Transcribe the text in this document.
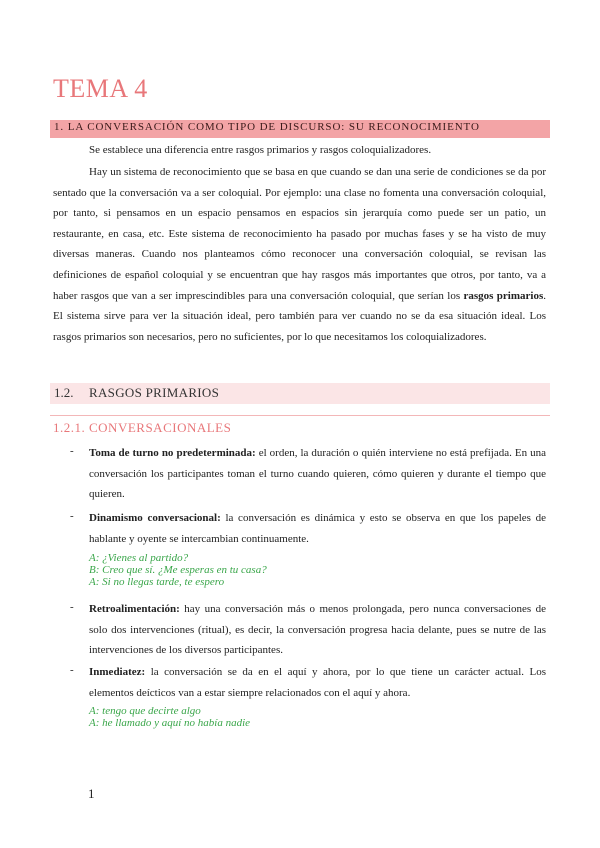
TEMA 4
1. LA CONVERSACIÓN COMO TIPO DE DISCURSO: SU RECONOCIMIENTO
Se establece una diferencia entre rasgos primarios y rasgos coloquializadores.
Hay un sistema de reconocimiento que se basa en que cuando se dan una serie de condiciones se da por sentado que la conversación va a ser coloquial. Por ejemplo: una clase no fomenta una conversación coloquial, por tanto, si pensamos en un espacio pensamos en espacios sin jerarquía como puede ser un patio, un restaurante, en casa, etc. Este sistema de reconocimiento ha pasado por muchas fases y se ha visto de muy diversas maneras. Cuando nos planteamos cómo reconocer una conversación coloquial, se revisan las definiciones de español coloquial y se encuentran que hay rasgos más importantes que otros, por tanto, va a haber rasgos que van a ser imprescindibles para una conversación coloquial, que serían los rasgos primarios. El sistema sirve para ver la situación ideal, pero también para ver cuando no se da esa situación ideal. Los rasgos primarios son necesarios, pero no suficientes, por lo que necesitamos los coloquializadores.
1.2. RASGOS PRIMARIOS
1.2.1. CONVERSACIONALES
- Toma de turno no predeterminada: el orden, la duración o quién interviene no está prefijada. En una conversación los participantes toman el turno cuando quieren, cómo quieren y durante el tiempo que quieren.
- Dinamismo conversacional: la conversación es dinámica y esto se observa en que los papeles de hablante y oyente se intercambian continuamente.
A: ¿Vienes al partido?
B: Creo que sí. ¿Me esperas en tu casa?
A: Si no llegas tarde, te espero
- Retroalimentación: hay una conversación más o menos prolongada, pero nunca conversaciones de solo dos intervenciones (ritual), es decir, la conversación progresa hacia delante, pues se nutre de las intervenciones de los diversos participantes.
- Inmediatez: la conversación se da en el aquí y ahora, por lo que tiene un carácter actual. Los elementos deícticos van a estar siempre relacionados con el aquí y ahora.
A: tengo que decirte algo
A: he llamado y aquí no había nadie
1
